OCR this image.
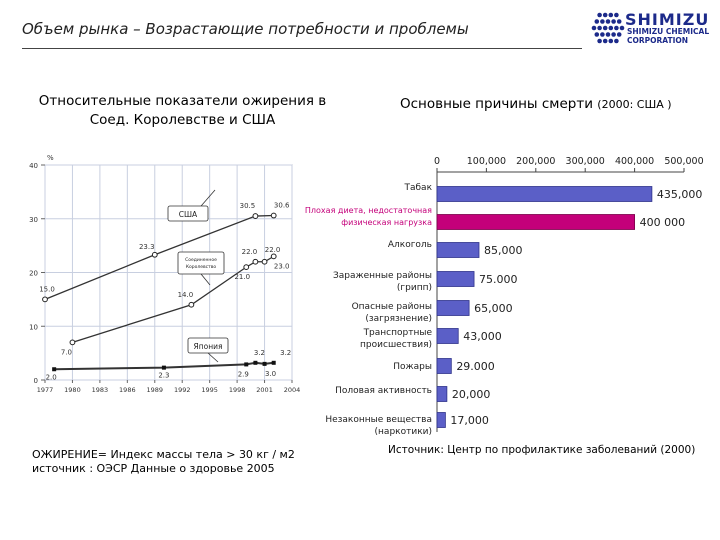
Объем рынка – Возрастающие потребности и проблемы	SHIMIZU
SHIMIZU CHEMICAL
CORPORATION
Относительные показатели ожирения в
Соед. Королевстве и США
Основные причины смерти (2000: США )
0
10
20
30
40
1977 1980 1983 1986 1989 1992 1995 1998 2001 2004
%
15.0
23.3
30.5	30.6
США
7.0
14.0
21.0
22.0 22.0
23.0
Соединенное
Королевство
2.0	2.3	2.9
3.2
3.0
3.2
Япония
0	100,000 200,000 300,000 400,000 500,000
435,000
Табак
400 000
Плохая диета, недостаточная
физическая нагрузка
85,000
Алкоголь
75.000
Зараженные районы
(грипп)
65,000
Опасные районы
(загрязнение)
43,000
Транспортные
происшествия)
29.000
Пожары
20,000
Половая активность
17,000
Незаконные вещества
(наркотики)
ОЖИРЕНИЕ= Индекс массы тела > 30 кг / м2
источник : ОЭСР Данные о здоровье 2005
Источник: Центр по профилактике заболеваний (2000)
